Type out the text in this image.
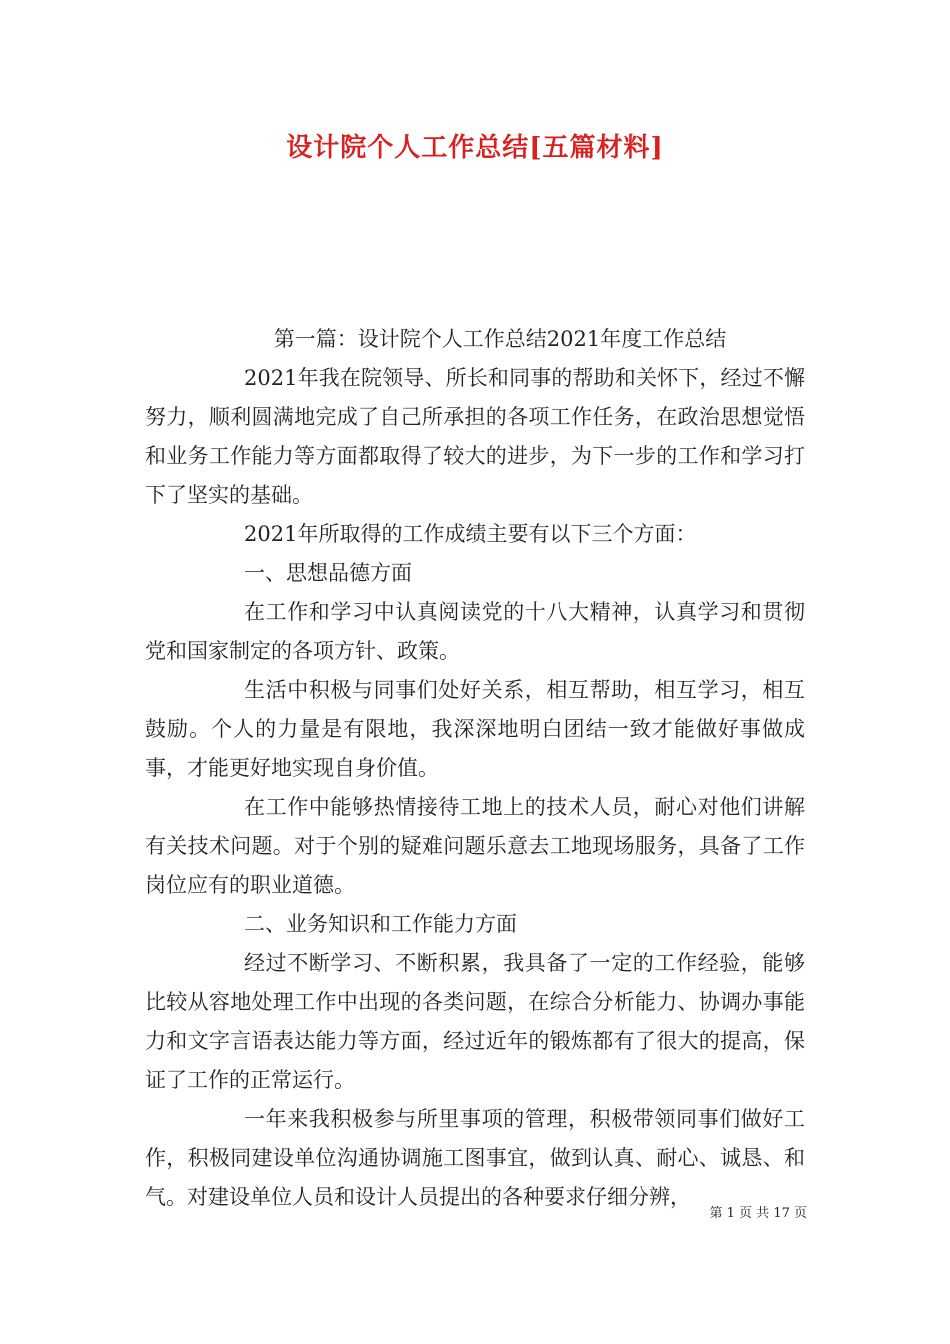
设计院个人工作总结[五篇材料]

第一篇：设计院个人工作总结2021年度工作总结

2021年我在院领导、所长和同事的帮助和关怀下，经过不懈努力，顺利圆满地完成了自己所承担的各项工作任务，在政治思想觉悟和业务工作能力等方面都取得了较大的进步，为下一步的工作和学习打下了坚实的基础。

2021年所取得的工作成绩主要有以下三个方面：

一、思想品德方面

在工作和学习中认真阅读党的十八大精神，认真学习和贯彻党和国家制定的各项方针、政策。

生活中积极与同事们处好关系，相互帮助，相互学习，相互鼓励。个人的力量是有限地，我深深地明白团结一致才能做好事做成事，才能更好地实现自身价值。

在工作中能够热情接待工地上的技术人员，耐心对他们讲解有关技术问题。对于个别的疑难问题乐意去工地现场服务，具备了工作岗位应有的职业道德。

二、业务知识和工作能力方面

经过不断学习、不断积累，我具备了一定的工作经验，能够比较从容地处理工作中出现的各类问题，在综合分析能力、协调办事能力和文字言语表达能力等方面，经过近年的锻炼都有了很大的提高，保证了工作的正常运行。

一年来我积极参与所里事项的管理，积极带领同事们做好工作，积极同建设单位沟通协调施工图事宜，做到认真、耐心、诚恳、和气。对建设单位人员和设计人员提出的各种要求仔细分辨，

第 1 页 共 17 页
